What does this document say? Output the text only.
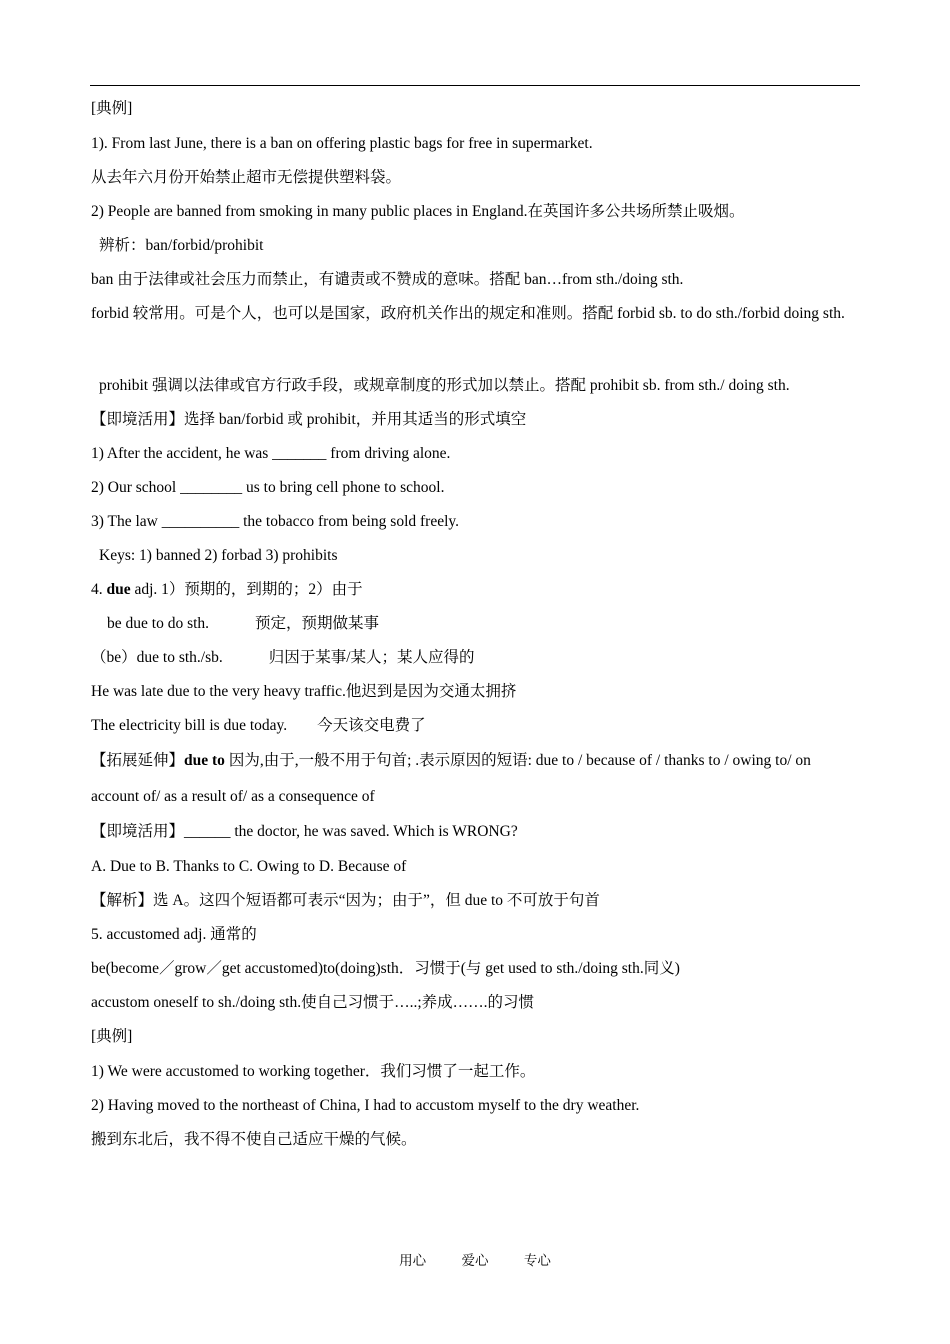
[典例]
1). From last June, there is a ban on offering plastic bags for free in supermarket.
从去年六月份开始禁止超市无偿提供塑料袋。
2) People are banned from smoking in many public places in England.在英国许多公共场所禁止吸烟。
辨析：ban/forbid/prohibit
ban 由于法律或社会压力而禁止，有谴责或不赞成的意味。搭配 ban…from sth./doing sth.
forbid 较常用。可是个人，也可以是国家，政府机关作出的规定和准则。搭配 forbid sb. to do sth./forbid doing sth.
prohibit 强调以法律或官方行政手段，或规章制度的形式加以禁止。搭配 prohibit sb. from sth./ doing sth.
【即境活用】选择 ban/forbid 或 prohibit，并用其适当的形式填空
1) After the accident, he was _______ from driving alone.
2) Our school ________ us to bring cell phone to school.
3) The law __________ the tobacco from being sold freely.
Keys: 1) banned 2) forbad 3) prohibits
4. due adj. 1）预期的，到期的；2）由于
be due to do sth.	预定，预期做某事
（be）due to sth./sb.	归因于某事/某人；某人应得的
He was late due to the very heavy traffic.他迟到是因为交通太拥挤
The electricity bill is due today. 今天该交电费了
【拓展延伸】due to 因为,由于,一般不用于句首; .表示原因的短语: due to / because of / thanks to / owing to/ on account of/ as a result of/ as a consequence of
【即境活用】______ the doctor, he was saved. Which is WRONG?
A. Due to B. Thanks to C. Owing to D. Because of
【解析】选 A。这四个短语都可表示“因为；由于”，但 due to 不可放于句首
5. accustomed adj. 通常的
be(become／grow／get accustomed)to(doing)sth．习惯于(与 get used to sth./doing sth.同义)
accustom oneself to sh./doing sth.使自己习惯于…..;养成…….的习惯
[典例]
1) We were accustomed to working together．我们习惯了一起工作。
2) Having moved to the northeast of China, I had to accustom myself to the dry weather.
搬到东北后，我不得不使自己适应干燥的气候。
用心	爱心	专心
